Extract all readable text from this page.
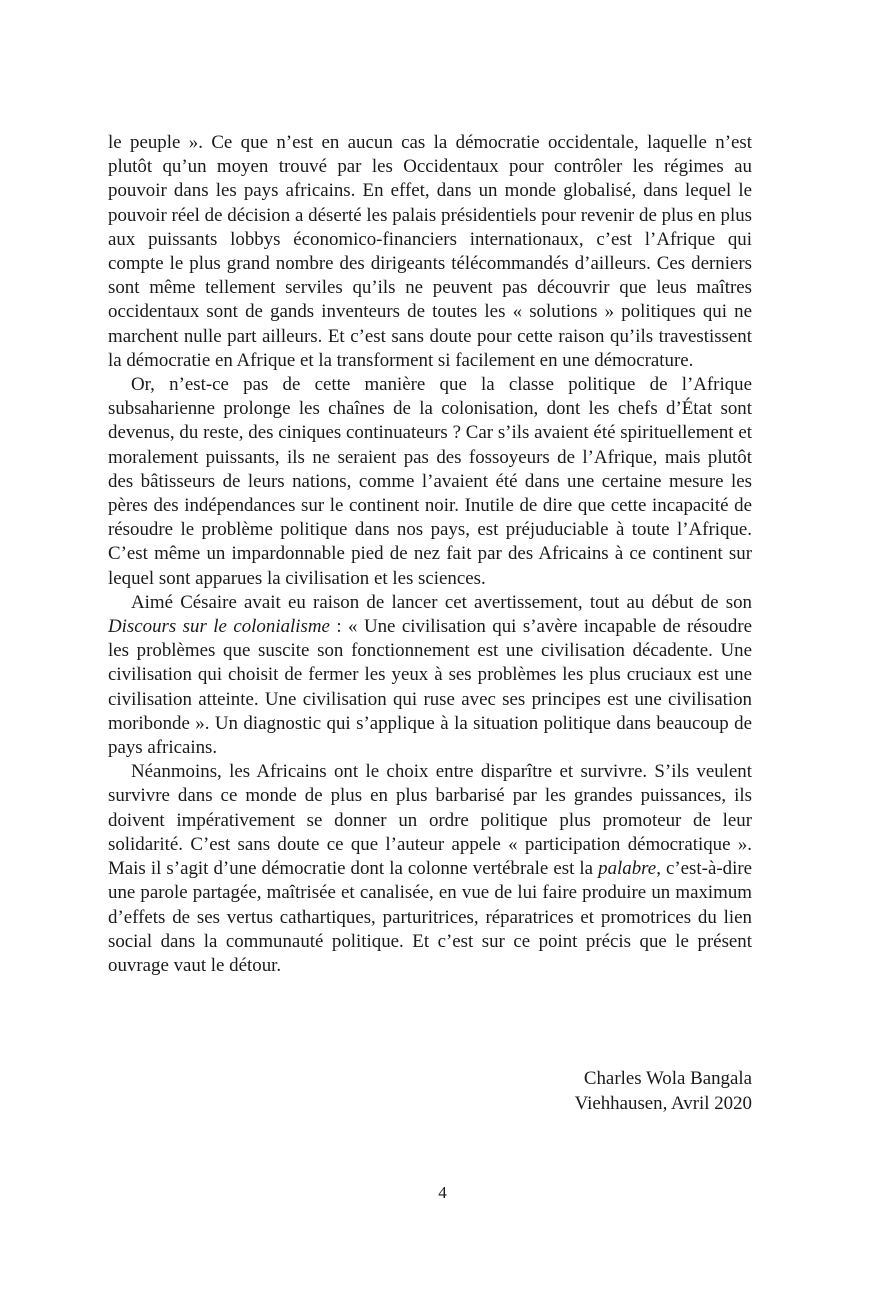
le peuple ». Ce que n’est en aucun cas la démocratie occidentale, laquelle n’est plutôt qu’un moyen trouvé par les Occidentaux pour contrôler les régimes au pouvoir dans les pays africains. En effet, dans un monde globalisé, dans lequel le pouvoir réel de décision a déserté les palais présidentiels pour revenir de plus en plus aux puissants lobbys économico-financiers internationaux, c’est l’Afrique qui compte le plus grand nombre des dirigeants télécommandés d’ailleurs. Ces derniers sont même tellement serviles qu’ils ne peuvent pas découvrir que leus maîtres occidentaux sont de gands inventeurs de toutes les « solutions » politiques qui ne marchent nulle part ailleurs. Et c’est sans doute pour cette raison qu’ils travestissent la démocratie en Afrique et la transforment si facilement en une démocrature.

Or, n’est-ce pas de cette manière que la classe politique de l’Afrique subsaharienne prolonge les chaînes de la colonisation, dont les chefs d’État sont devenus, du reste, des ciniques continuateurs ? Car s’ils avaient été spirituellement et moralement puissants, ils ne seraient pas des fossoyeurs de l’Afrique, mais plutôt des bâtisseurs de leurs nations, comme l’avaient été dans une certaine mesure les pères des indépendances sur le continent noir. Inutile de dire que cette incapacité de résoudre le problème politique dans nos pays, est préjuduciable à toute l’Afrique. C’est même un impardonnable pied de nez fait par des Africains à ce continent sur lequel sont apparues la civilisation et les sciences.

Aimé Césaire avait eu raison de lancer cet avertissement, tout au début de son Discours sur le colonialisme : « Une civilisation qui s’avère incapable de résoudre les problèmes que suscite son fonctionnement est une civilisation décadente. Une civilisation qui choisit de fermer les yeux à ses problèmes les plus cruciaux est une civilisation atteinte. Une civilisation qui ruse avec ses principes est une civilisation moribonde ». Un diagnostic qui s’applique à la situation politique dans beaucoup de pays africains.

Néanmoins, les Africains ont le choix entre disparître et survivre. S’ils veulent survivre dans ce monde de plus en plus barbarisé par les grandes puissances, ils doivent impérativement se donner un ordre politique plus promoteur de leur solidarité. C’est sans doute ce que l’auteur appele « participation démocratique ». Mais il s’agit d’une démocratie dont la colonne vertébrale est la palabre, c’est-à-dire une parole partagée, maîtrisée et canalisée, en vue de lui faire produire un maximum d’effets de ses vertus cathartiques, parturitrices, réparatrices et promotrices du lien social dans la communauté politique. Et c’est sur ce point précis que le présent ouvrage vaut le détour.

Charles Wola Bangala
Viehhausen, Avril 2020
4
